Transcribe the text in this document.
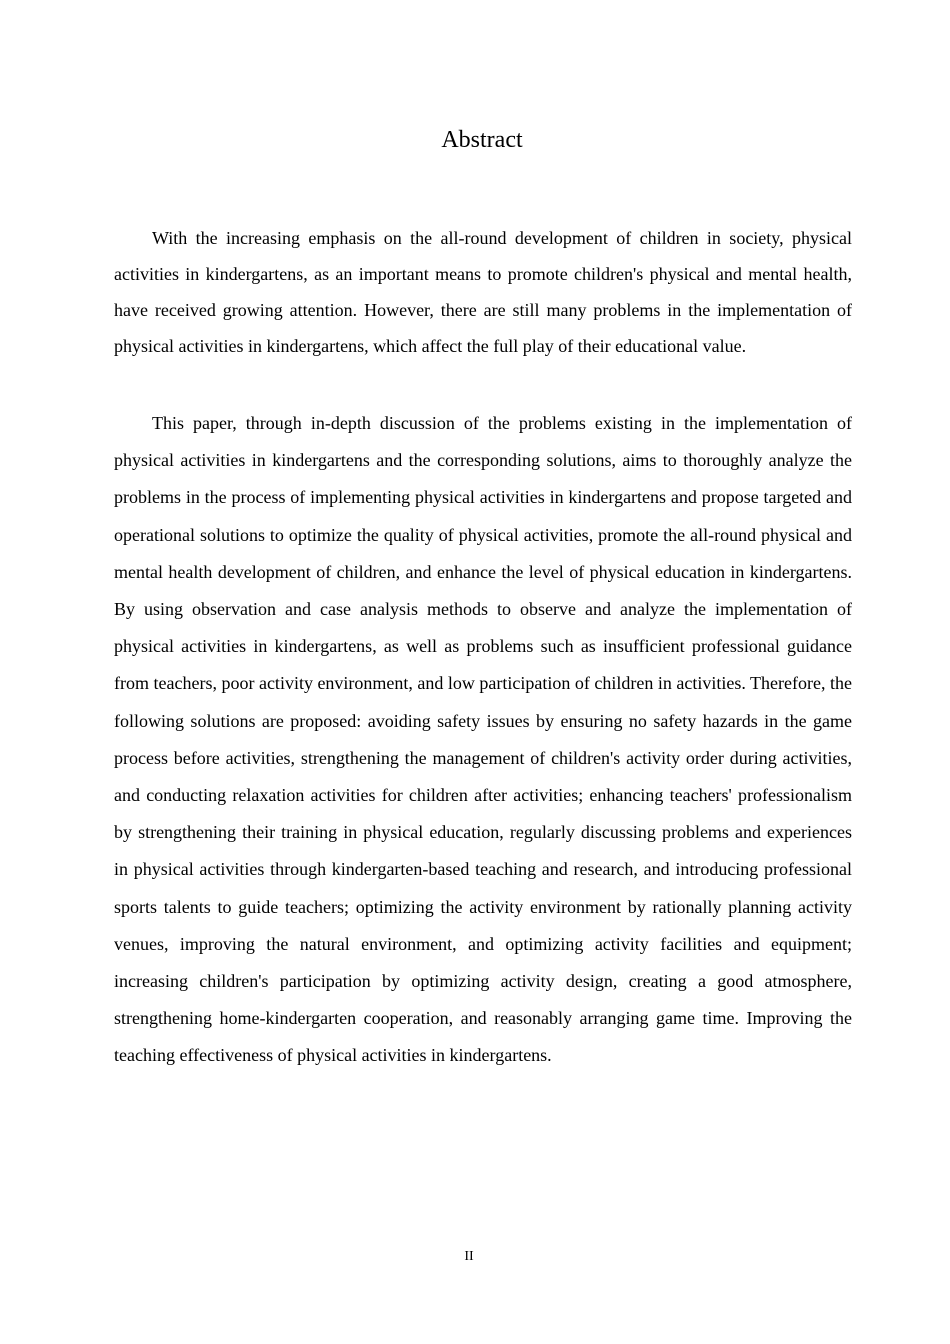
Abstract

With the increasing emphasis on the all-round development of children in society, physical activities in kindergartens, as an important means to promote children's physical and mental health, have received growing attention. However, there are still many problems in the implementation of physical activities in kindergartens, which affect the full play of their educational value.

This paper, through in-depth discussion of the problems existing in the implementation of physical activities in kindergartens and the corresponding solutions, aims to thoroughly analyze the problems in the process of implementing physical activities in kindergartens and propose targeted and operational solutions to optimize the quality of physical activities, promote the all-round physical and mental health development of children, and enhance the level of physical education in kindergartens. By using observation and case analysis methods to observe and analyze the implementation of physical activities in kindergartens, as well as problems such as insufficient professional guidance from teachers, poor activity environment, and low participation of children in activities. Therefore, the following solutions are proposed: avoiding safety issues by ensuring no safety hazards in the game process before activities, strengthening the management of children's activity order during activities, and conducting relaxation activities for children after activities; enhancing teachers' professionalism by strengthening their training in physical education, regularly discussing problems and experiences in physical activities through kindergarten-based teaching and research, and introducing professional sports talents to guide teachers; optimizing the activity environment by rationally planning activity venues, improving the natural environment, and optimizing activity facilities and equipment; increasing children's participation by optimizing activity design, creating a good atmosphere, strengthening home-kindergarten cooperation, and reasonably arranging game time. Improving the teaching effectiveness of physical activities in kindergartens.

II
